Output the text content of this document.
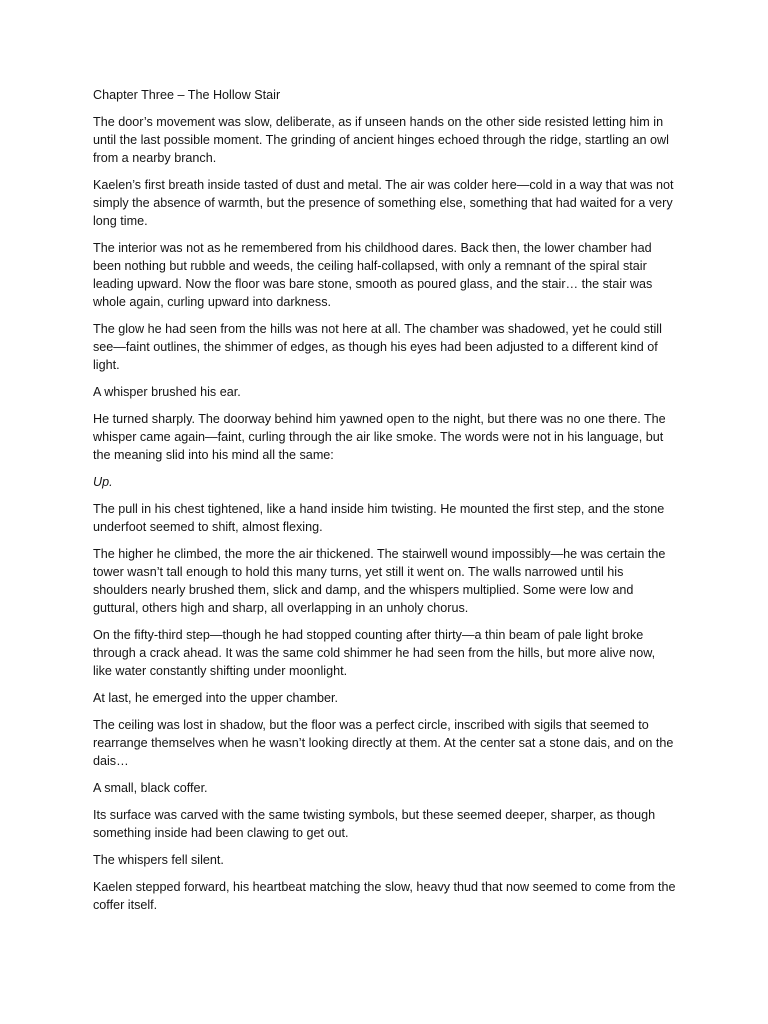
Chapter Three – The Hollow Stair

The door’s movement was slow, deliberate, as if unseen hands on the other side resisted letting him in until the last possible moment. The grinding of ancient hinges echoed through the ridge, startling an owl from a nearby branch.

Kaelen’s first breath inside tasted of dust and metal. The air was colder here—cold in a way that was not simply the absence of warmth, but the presence of something else, something that had waited for a very long time.

The interior was not as he remembered from his childhood dares. Back then, the lower chamber had been nothing but rubble and weeds, the ceiling half-collapsed, with only a remnant of the spiral stair leading upward. Now the floor was bare stone, smooth as poured glass, and the stair… the stair was whole again, curling upward into darkness.

The glow he had seen from the hills was not here at all. The chamber was shadowed, yet he could still see—faint outlines, the shimmer of edges, as though his eyes had been adjusted to a different kind of light.

A whisper brushed his ear.

He turned sharply. The doorway behind him yawned open to the night, but there was no one there. The whisper came again—faint, curling through the air like smoke. The words were not in his language, but the meaning slid into his mind all the same:

Up.

The pull in his chest tightened, like a hand inside him twisting. He mounted the first step, and the stone underfoot seemed to shift, almost flexing.

The higher he climbed, the more the air thickened. The stairwell wound impossibly—he was certain the tower wasn’t tall enough to hold this many turns, yet still it went on. The walls narrowed until his shoulders nearly brushed them, slick and damp, and the whispers multiplied. Some were low and guttural, others high and sharp, all overlapping in an unholy chorus.

On the fifty-third step—though he had stopped counting after thirty—a thin beam of pale light broke through a crack ahead. It was the same cold shimmer he had seen from the hills, but more alive now, like water constantly shifting under moonlight.

At last, he emerged into the upper chamber.

The ceiling was lost in shadow, but the floor was a perfect circle, inscribed with sigils that seemed to rearrange themselves when he wasn’t looking directly at them. At the center sat a stone dais, and on the dais…

A small, black coffer.

Its surface was carved with the same twisting symbols, but these seemed deeper, sharper, as though something inside had been clawing to get out.

The whispers fell silent.

Kaelen stepped forward, his heartbeat matching the slow, heavy thud that now seemed to come from the coffer itself.
